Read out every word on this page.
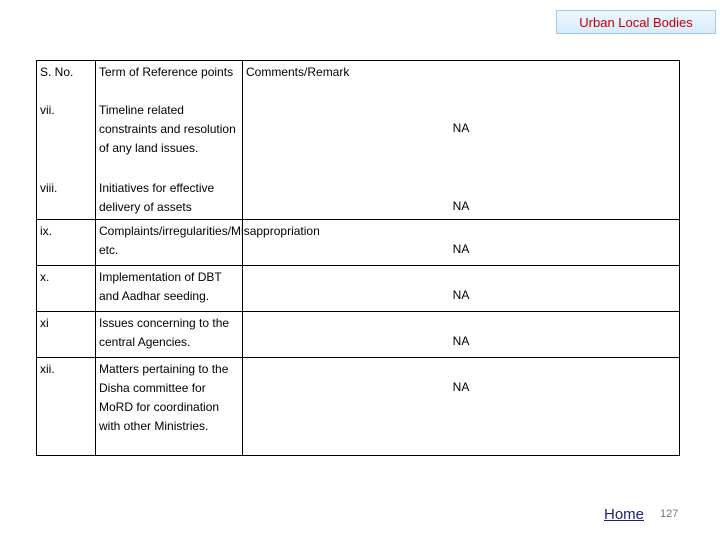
Urban Local Bodies
S. No.	Term of Reference points	Comments/Remark

vii.	Timeline related constraints and resolution of any land issues.	NA

viii.	Initiatives for effective delivery of assets	NA

ix.	Complaints/irregularities/Misappropriation etc.	NA

x.	Implementation of DBT and Aadhar seeding.	NA

xi	Issues concerning to the central Agencies.	NA

xii.	Matters pertaining to the Disha committee for MoRD for coordination with other Ministries.	NA
Home 127
